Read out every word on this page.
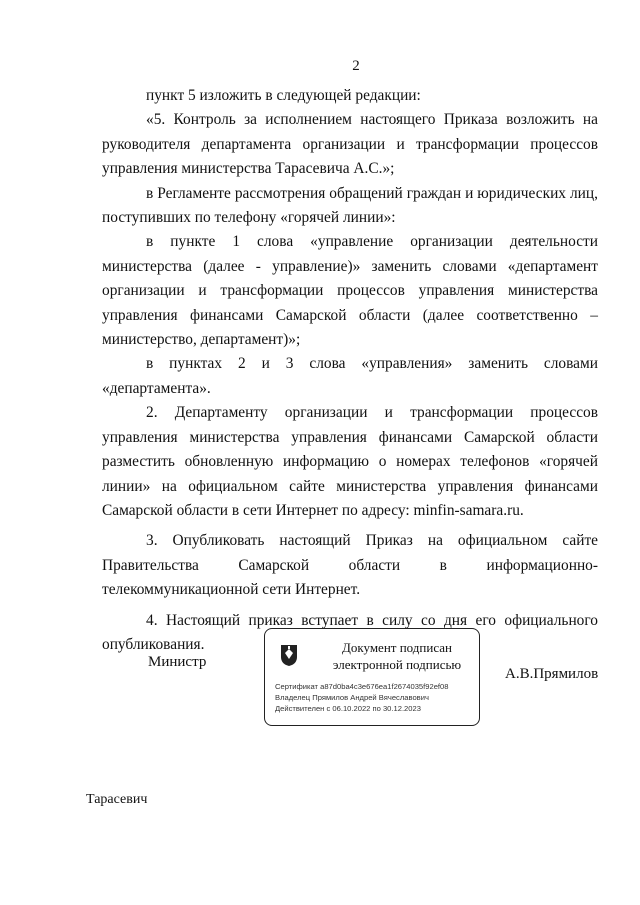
2

пункт 5 изложить в следующей редакции:

«5. Контроль за исполнением настоящего Приказа возложить на руководителя департамента организации и трансформации процессов управления министерства Тарасевича А.С.»;

в Регламенте рассмотрения обращений граждан и юридических лиц, поступивших по телефону «горячей линии»:

в пункте 1 слова «управление организации деятельности министерства (далее - управление)» заменить словами «департамент организации и трансформации процессов управления министерства управления финансами Самарской области (далее соответственно – министерство, департамент)»;

в пунктах 2 и 3 слова «управления» заменить словами «департамента».

2. Департаменту организации и трансформации процессов управления министерства управления финансами Самарской области разместить обновленную информацию о номерах телефонов «горячей линии» на официальном сайте министерства управления финансами Самарской области в сети Интернет по адресу: minfin-samara.ru.

3. Опубликовать настоящий Приказ на официальном сайте Правительства Самарской области в информационно-телекоммуникационной сети Интернет.

4. Настоящий приказ вступает в силу со дня его официального опубликования.

Министр
Документ подписан электронной подписью
Сертификат a87d0ba4c3e676ea1f2674035f92ef08
Владелец Прямилов Андрей Вячеславович
Действителен с 06.10.2022 по 30.12.2023
А.В.Прямилов
Тарасевич
